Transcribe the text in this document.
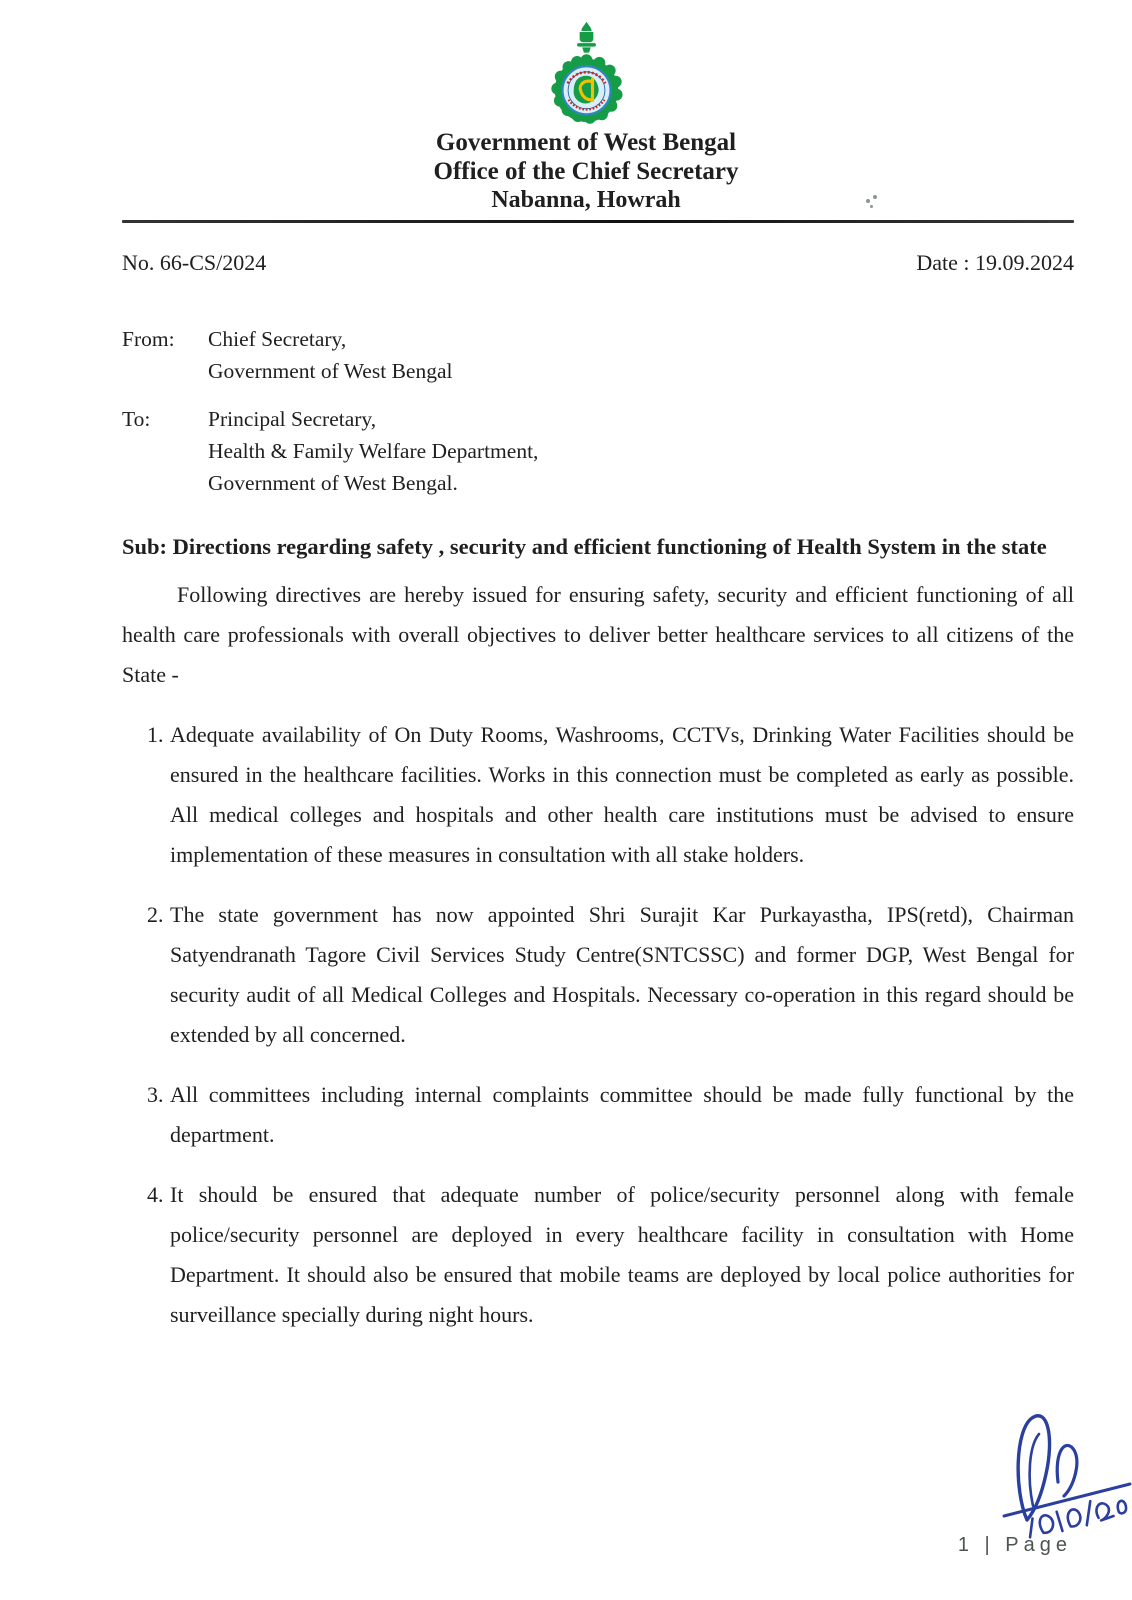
Government of West Bengal

Office of the Chief Secretary

Nabanna, Howrah

No. 66-CS/2024	Date : 19.09.2024
From:	Chief Secretary,

Government of West Bengal

To:	Principal Secretary,

Health & Family Welfare Department,

Government of West Bengal.

Sub: Directions regarding safety , security and efficient functioning of Health System in the state

Following directives are hereby issued for ensuring safety, security and efficient functioning of all health care professionals with overall objectives to deliver better healthcare services to all citizens of the State -

1. Adequate availability of On Duty Rooms, Washrooms, CCTVs, Drinking Water Facilities should be ensured in the healthcare facilities. Works in this connection must be completed as early as possible. All medical colleges and hospitals and other health care institutions must be advised to ensure implementation of these measures in consultation with all stake holders.

2. The state government has now appointed Shri Surajit Kar Purkayastha, IPS(retd), Chairman Satyendranath Tagore Civil Services Study Centre(SNTCSSC) and former DGP, West Bengal for security audit of all Medical Colleges and Hospitals. Necessary co-operation in this regard should be extended by all concerned.

3. All committees including internal complaints committee should be made fully functional by the department.

4. It should be ensured that adequate number of police/security personnel along with female police/security personnel are deployed in every healthcare facility in consultation with Home Department. It should also be ensured that mobile teams are deployed by local police authorities for surveillance specially during night hours.

1 | Page
